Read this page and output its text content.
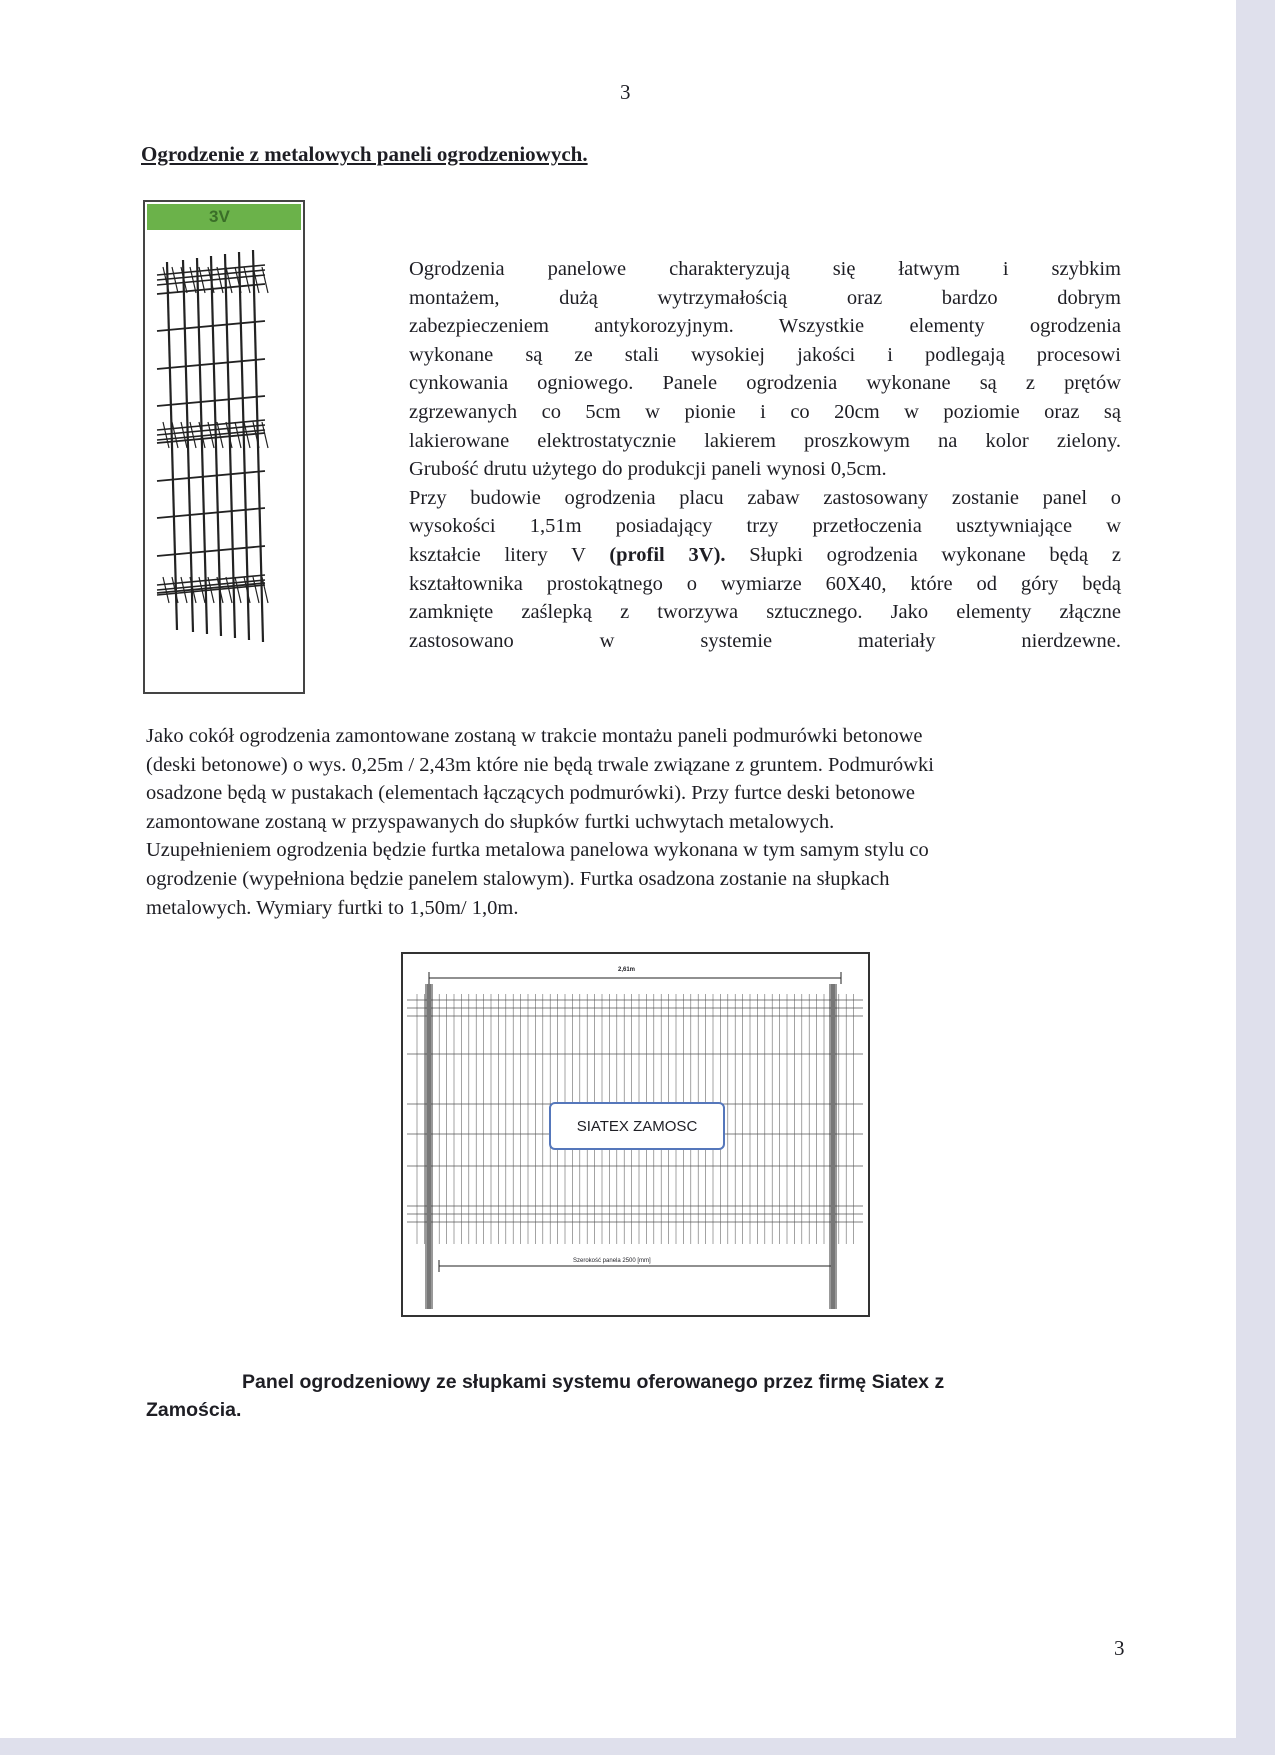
3
Ogrodzenie z metalowych paneli ogrodzeniowych.
3V
Ogrodzenia panelowe charakteryzują się łatwym i szybkim
montażem, dużą wytrzymałością oraz bardzo dobrym
zabezpieczeniem antykorozyjnym. Wszystkie elementy ogrodzenia
wykonane są ze stali wysokiej jakości i podlegają procesowi
cynkowania ogniowego. Panele ogrodzenia wykonane są z prętów
zgrzewanych co 5cm w pionie i co 20cm w poziomie oraz są
lakierowane elektrostatycznie lakierem proszkowym na kolor zielony.
Grubość drutu użytego do produkcji paneli wynosi 0,5cm.
Przy budowie ogrodzenia placu zabaw zastosowany zostanie panel o
wysokości 1,51m posiadający trzy przetłoczenia usztywniające w
kształcie litery V (profil 3V). Słupki ogrodzenia wykonane będą z
kształtownika prostokątnego o wymiarze 60X40, które od góry będą
zamknięte zaślepką z tworzywa sztucznego. Jako elementy złączne
zastosowano w systemie materiały nierdzewne.
Jako cokół ogrodzenia zamontowane zostaną w trakcie montażu paneli podmurówki betonowe
(deski betonowe) o wys. 0,25m / 2,43m które nie będą trwale związane z gruntem. Podmurówki
osadzone będą w pustakach (elementach łączących podmurówki). Przy furtce deski betonowe
zamontowane zostaną w przyspawanych do słupków furtki uchwytach metalowych.
Uzupełnieniem ogrodzenia będzie furtka metalowa panelowa wykonana w tym samym stylu co
ogrodzenie (wypełniona będzie panelem stalowym). Furtka osadzona zostanie na słupkach
metalowych. Wymiary furtki to 1,50m/ 1,0m.
2,61m
Szerokość panela 2500 [mm]
SIATEX ZAMOSC
Panel ogrodzeniowy ze słupkami systemu oferowanego przez firmę Siatex z
Zamościa.
3
